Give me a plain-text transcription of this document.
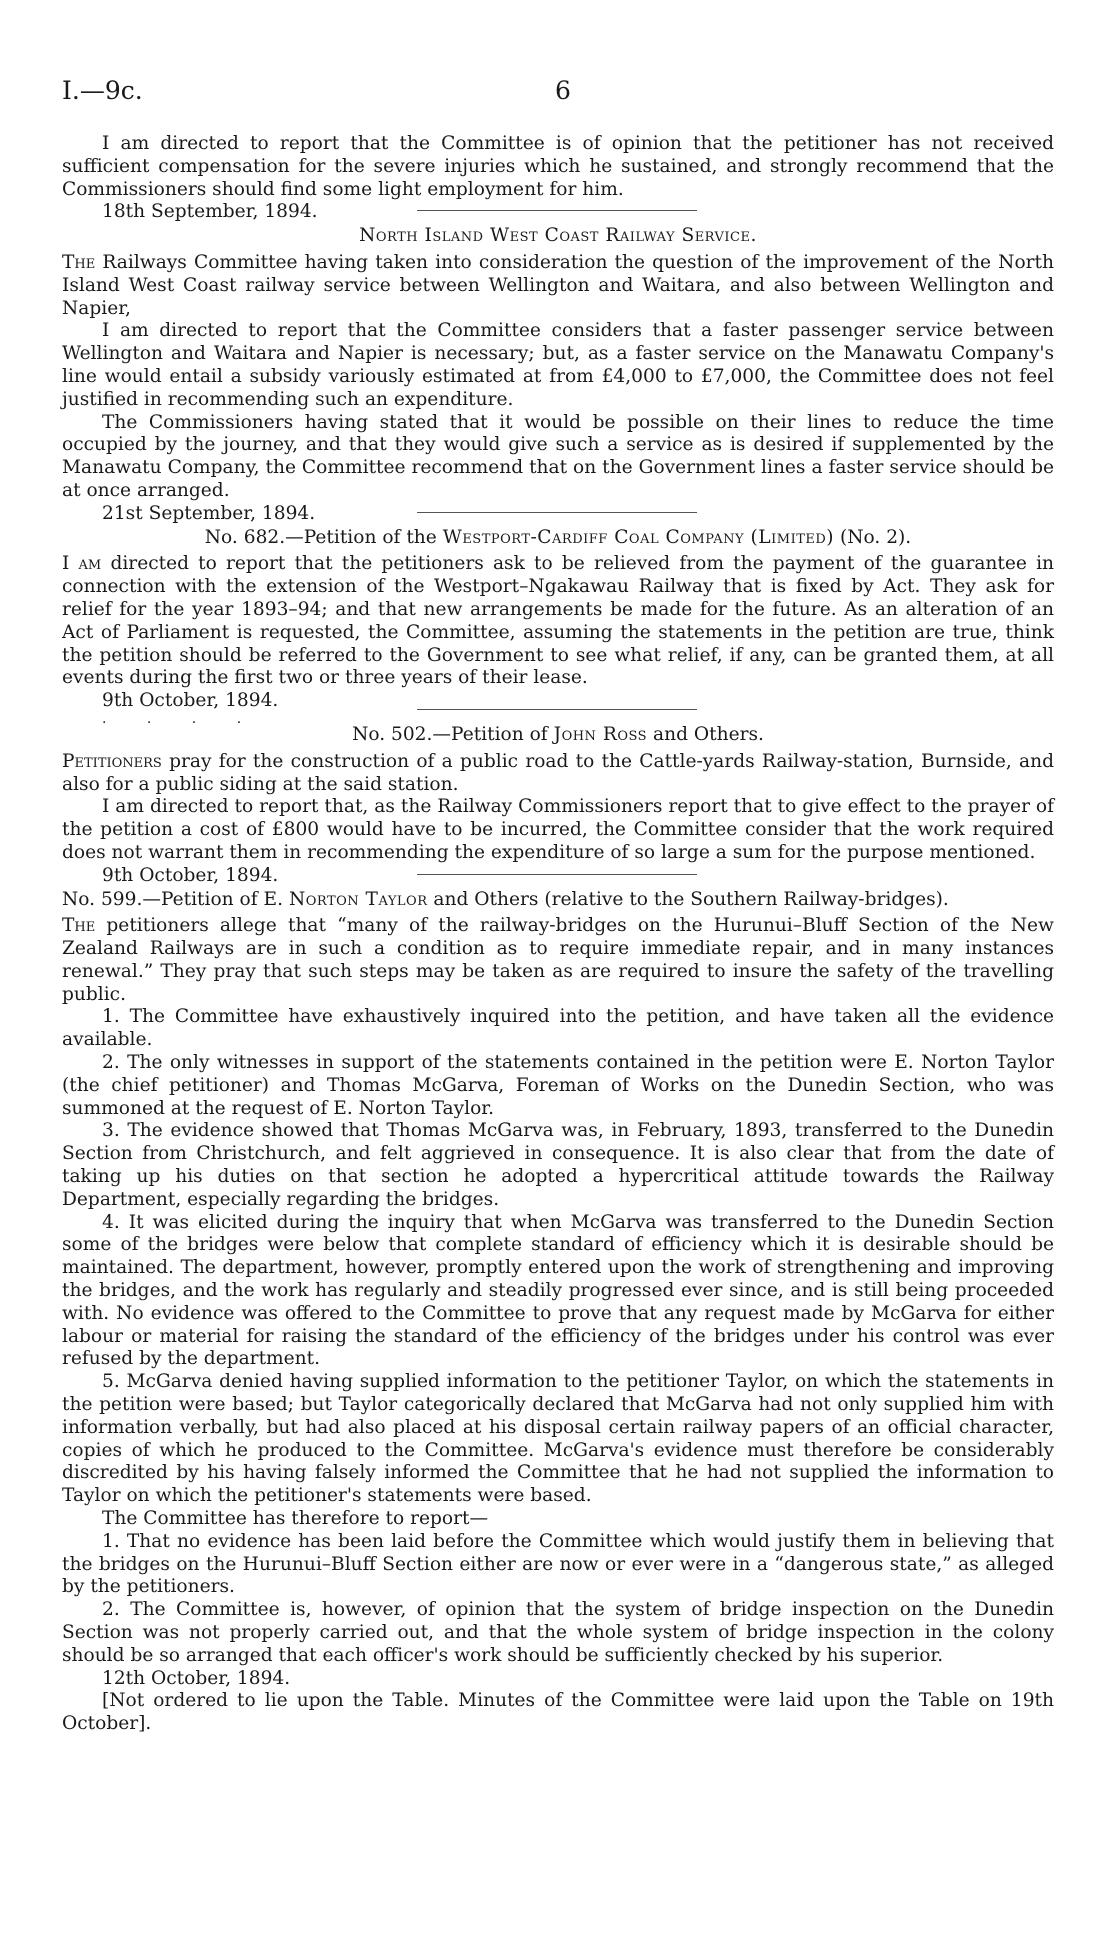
I.—9c.	6

I am directed to report that the Committee is of opinion that the petitioner has not received sufficient compensation for the severe injuries which he sustained, and strongly recommend that the Commissioners should find some light employment for him.

18th September, 1894.

North Island West Coast Railway Service.

The Railways Committee having taken into consideration the question of the improvement of the North Island West Coast railway service between Wellington and Waitara, and also between Wellington and Napier,

I am directed to report that the Committee considers that a faster passenger service between Wellington and Waitara and Napier is necessary; but, as a faster service on the Manawatu Company's line would entail a subsidy variously estimated at from £4,000 to £7,000, the Committee does not feel justified in recommending such an expenditure.

The Commissioners having stated that it would be possible on their lines to reduce the time occupied by the journey, and that they would give such a service as is desired if supplemented by the Manawatu Company, the Committee recommend that on the Government lines a faster service should be at once arranged.

21st September, 1894.

No. 682.—Petition of the Westport-Cardiff Coal Company (Limited) (No. 2).

I am directed to report that the petitioners ask to be relieved from the payment of the guarantee in connection with the extension of the Westport–Ngakawau Railway that is fixed by Act. They ask for relief for the year 1893–94; and that new arrangements be made for the future. As an alteration of an Act of Parliament is requested, the Committee, assuming the statements in the petition are true, think the petition should be referred to the Government to see what relief, if any, can be granted them, at all events during the first two or three years of their lease.

9th October, 1894.

. . . .
No. 502.—Petition of John Ross and Others.

Petitioners pray for the construction of a public road to the Cattle-yards Railway-station, Burnside, and also for a public siding at the said station.

I am directed to report that, as the Railway Commissioners report that to give effect to the prayer of the petition a cost of £800 would have to be incurred, the Committee consider that the work required does not warrant them in recommending the expenditure of so large a sum for the purpose mentioned.

9th October, 1894.

No. 599.—Petition of E. Norton Taylor and Others (relative to the Southern Railway-bridges).

The petitioners allege that “many of the railway-bridges on the Hurunui–Bluff Section of the New Zealand Railways are in such a condition as to require immediate repair, and in many instances renewal.” They pray that such steps may be taken as are required to insure the safety of the travelling public.

1. The Committee have exhaustively inquired into the petition, and have taken all the evidence available.

2. The only witnesses in support of the statements contained in the petition were E. Norton Taylor (the chief petitioner) and Thomas McGarva, Foreman of Works on the Dunedin Section, who was summoned at the request of E. Norton Taylor.

3. The evidence showed that Thomas McGarva was, in February, 1893, transferred to the Dunedin Section from Christchurch, and felt aggrieved in consequence. It is also clear that from the date of taking up his duties on that section he adopted a hypercritical attitude towards the Railway Department, especially regarding the bridges.

4. It was elicited during the inquiry that when McGarva was transferred to the Dunedin Section some of the bridges were below that complete standard of efficiency which it is desirable should be maintained. The department, however, promptly entered upon the work of strengthening and improving the bridges, and the work has regularly and steadily progressed ever since, and is still being proceeded with. No evidence was offered to the Committee to prove that any request made by McGarva for either labour or material for raising the standard of the efficiency of the bridges under his control was ever refused by the department.

5. McGarva denied having supplied information to the petitioner Taylor, on which the statements in the petition were based; but Taylor categorically declared that McGarva had not only supplied him with information verbally, but had also placed at his disposal certain railway papers of an official character, copies of which he produced to the Committee. McGarva's evidence must therefore be considerably discredited by his having falsely informed the Committee that he had not supplied the information to Taylor on which the petitioner's statements were based.

The Committee has therefore to report—

1. That no evidence has been laid before the Committee which would justify them in believing that the bridges on the Hurunui–Bluff Section either are now or ever were in a “dangerous state,” as alleged by the petitioners.

2. The Committee is, however, of opinion that the system of bridge inspection on the Dunedin Section was not properly carried out, and that the whole system of bridge inspection in the colony should be so arranged that each officer's work should be sufficiently checked by his superior.

12th October, 1894.

[Not ordered to lie upon the Table. Minutes of the Committee were laid upon the Table on 19th October].
